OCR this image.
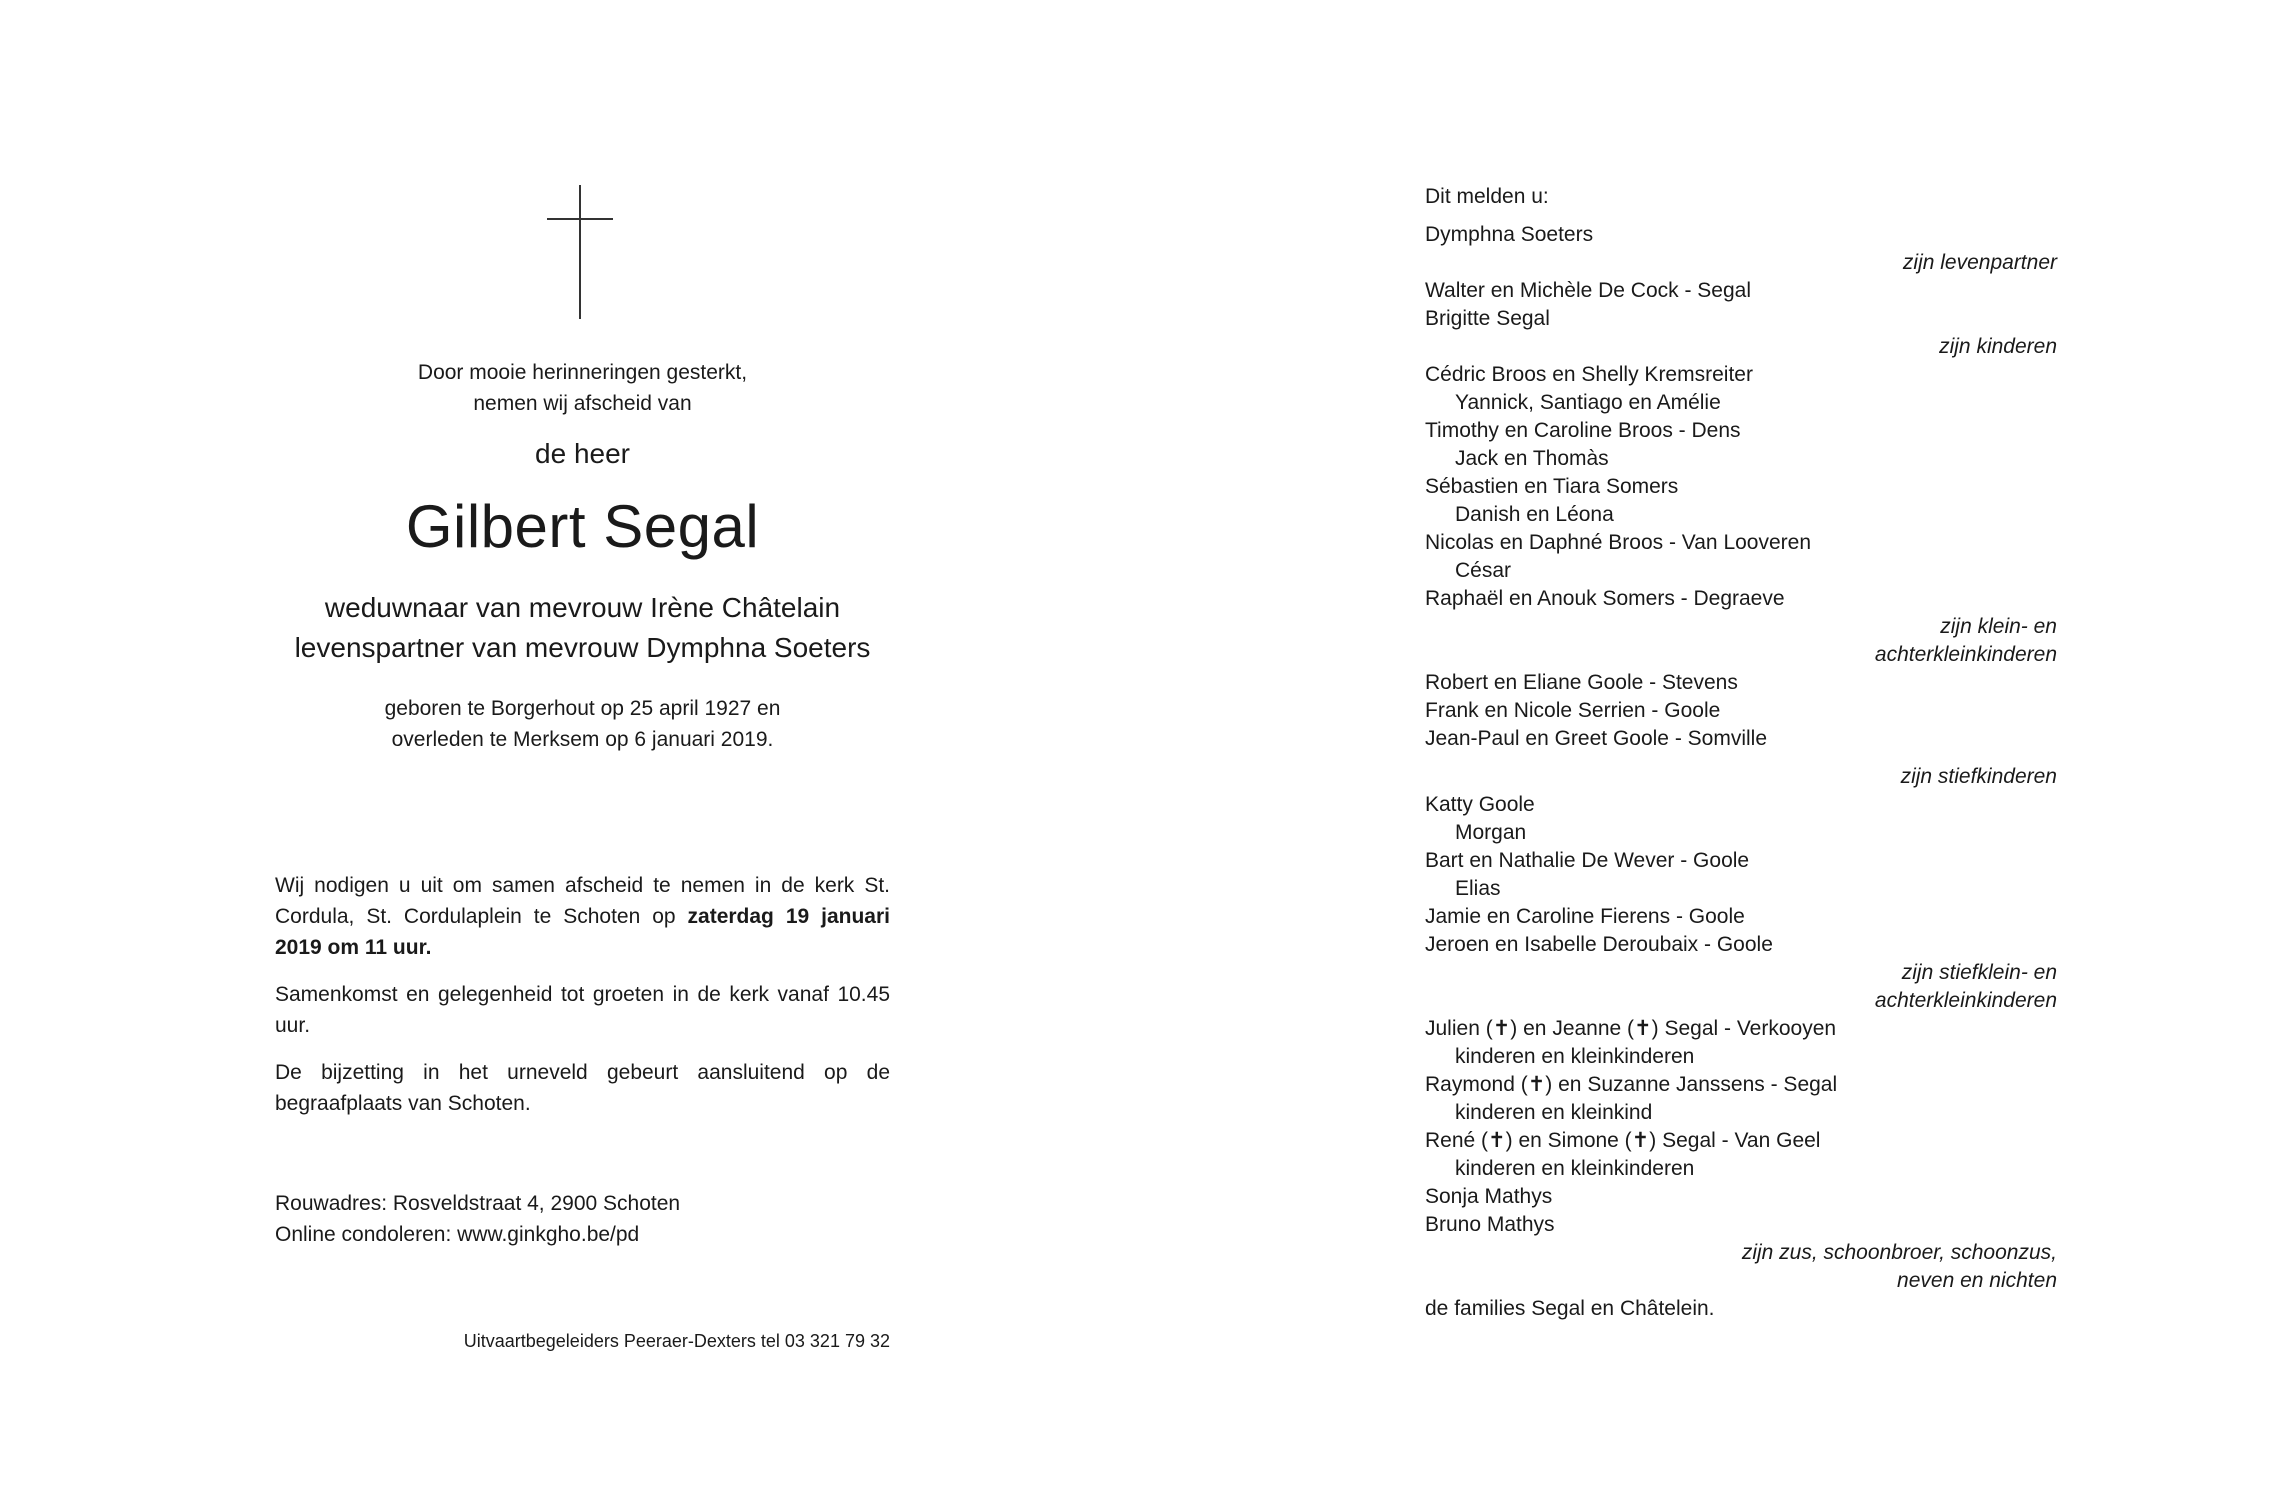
Door mooie herinneringen gesterkt,
nemen wij afscheid van
de heer
Gilbert Segal
weduwnaar van mevrouw Irène Châtelain
levenspartner van mevrouw Dymphna Soeters
geboren te Borgerhout op 25 april 1927 en
overleden te Merksem op 6 januari 2019.

Wij nodigen u uit om samen afscheid te nemen in de kerk St. Cordula, St. Cordulaplein te Schoten op zaterdag 19 januari 2019 om 11 uur.

Samenkomst en gelegenheid tot groeten in de kerk vanaf 10.45 uur.

De bijzetting in het urneveld gebeurt aansluitend op de begraafplaats van Schoten.

Rouwadres: Rosveldstraat 4, 2900 Schoten
Online condoleren: www.ginkgho.be/pd
Uitvaartbegeleiders Peeraer-Dexters tel 03 321 79 32
Dit melden u:
Dymphna Soeters
zijn levenpartner
Walter en Michèle De Cock - Segal
Brigitte Segal
zijn kinderen
Cédric Broos en Shelly Kremsreiter
Yannick, Santiago en Amélie
Timothy en Caroline Broos - Dens
Jack en Thomàs
Sébastien en Tiara Somers
Danish en Léona
Nicolas en Daphné Broos - Van Looveren
César
Raphaël en Anouk Somers - Degraeve
zijn klein- en
achterkleinkinderen
Robert en Eliane Goole - Stevens
Frank en Nicole Serrien - Goole
Jean-Paul en Greet Goole - Somville
zijn stiefkinderen
Katty Goole
Morgan
Bart en Nathalie De Wever - Goole
Elias
Jamie en Caroline Fierens - Goole
Jeroen en Isabelle Deroubaix - Goole
zijn stiefklein- en
achterkleinkinderen
Julien (✝) en Jeanne (✝) Segal - Verkooyen
kinderen en kleinkinderen
Raymond (✝) en Suzanne Janssens - Segal
kinderen en kleinkind
René (✝) en Simone (✝) Segal - Van Geel
kinderen en kleinkinderen
Sonja Mathys
Bruno Mathys
zijn zus, schoonbroer, schoonzus,
neven en nichten
de families Segal en Châtelein.
